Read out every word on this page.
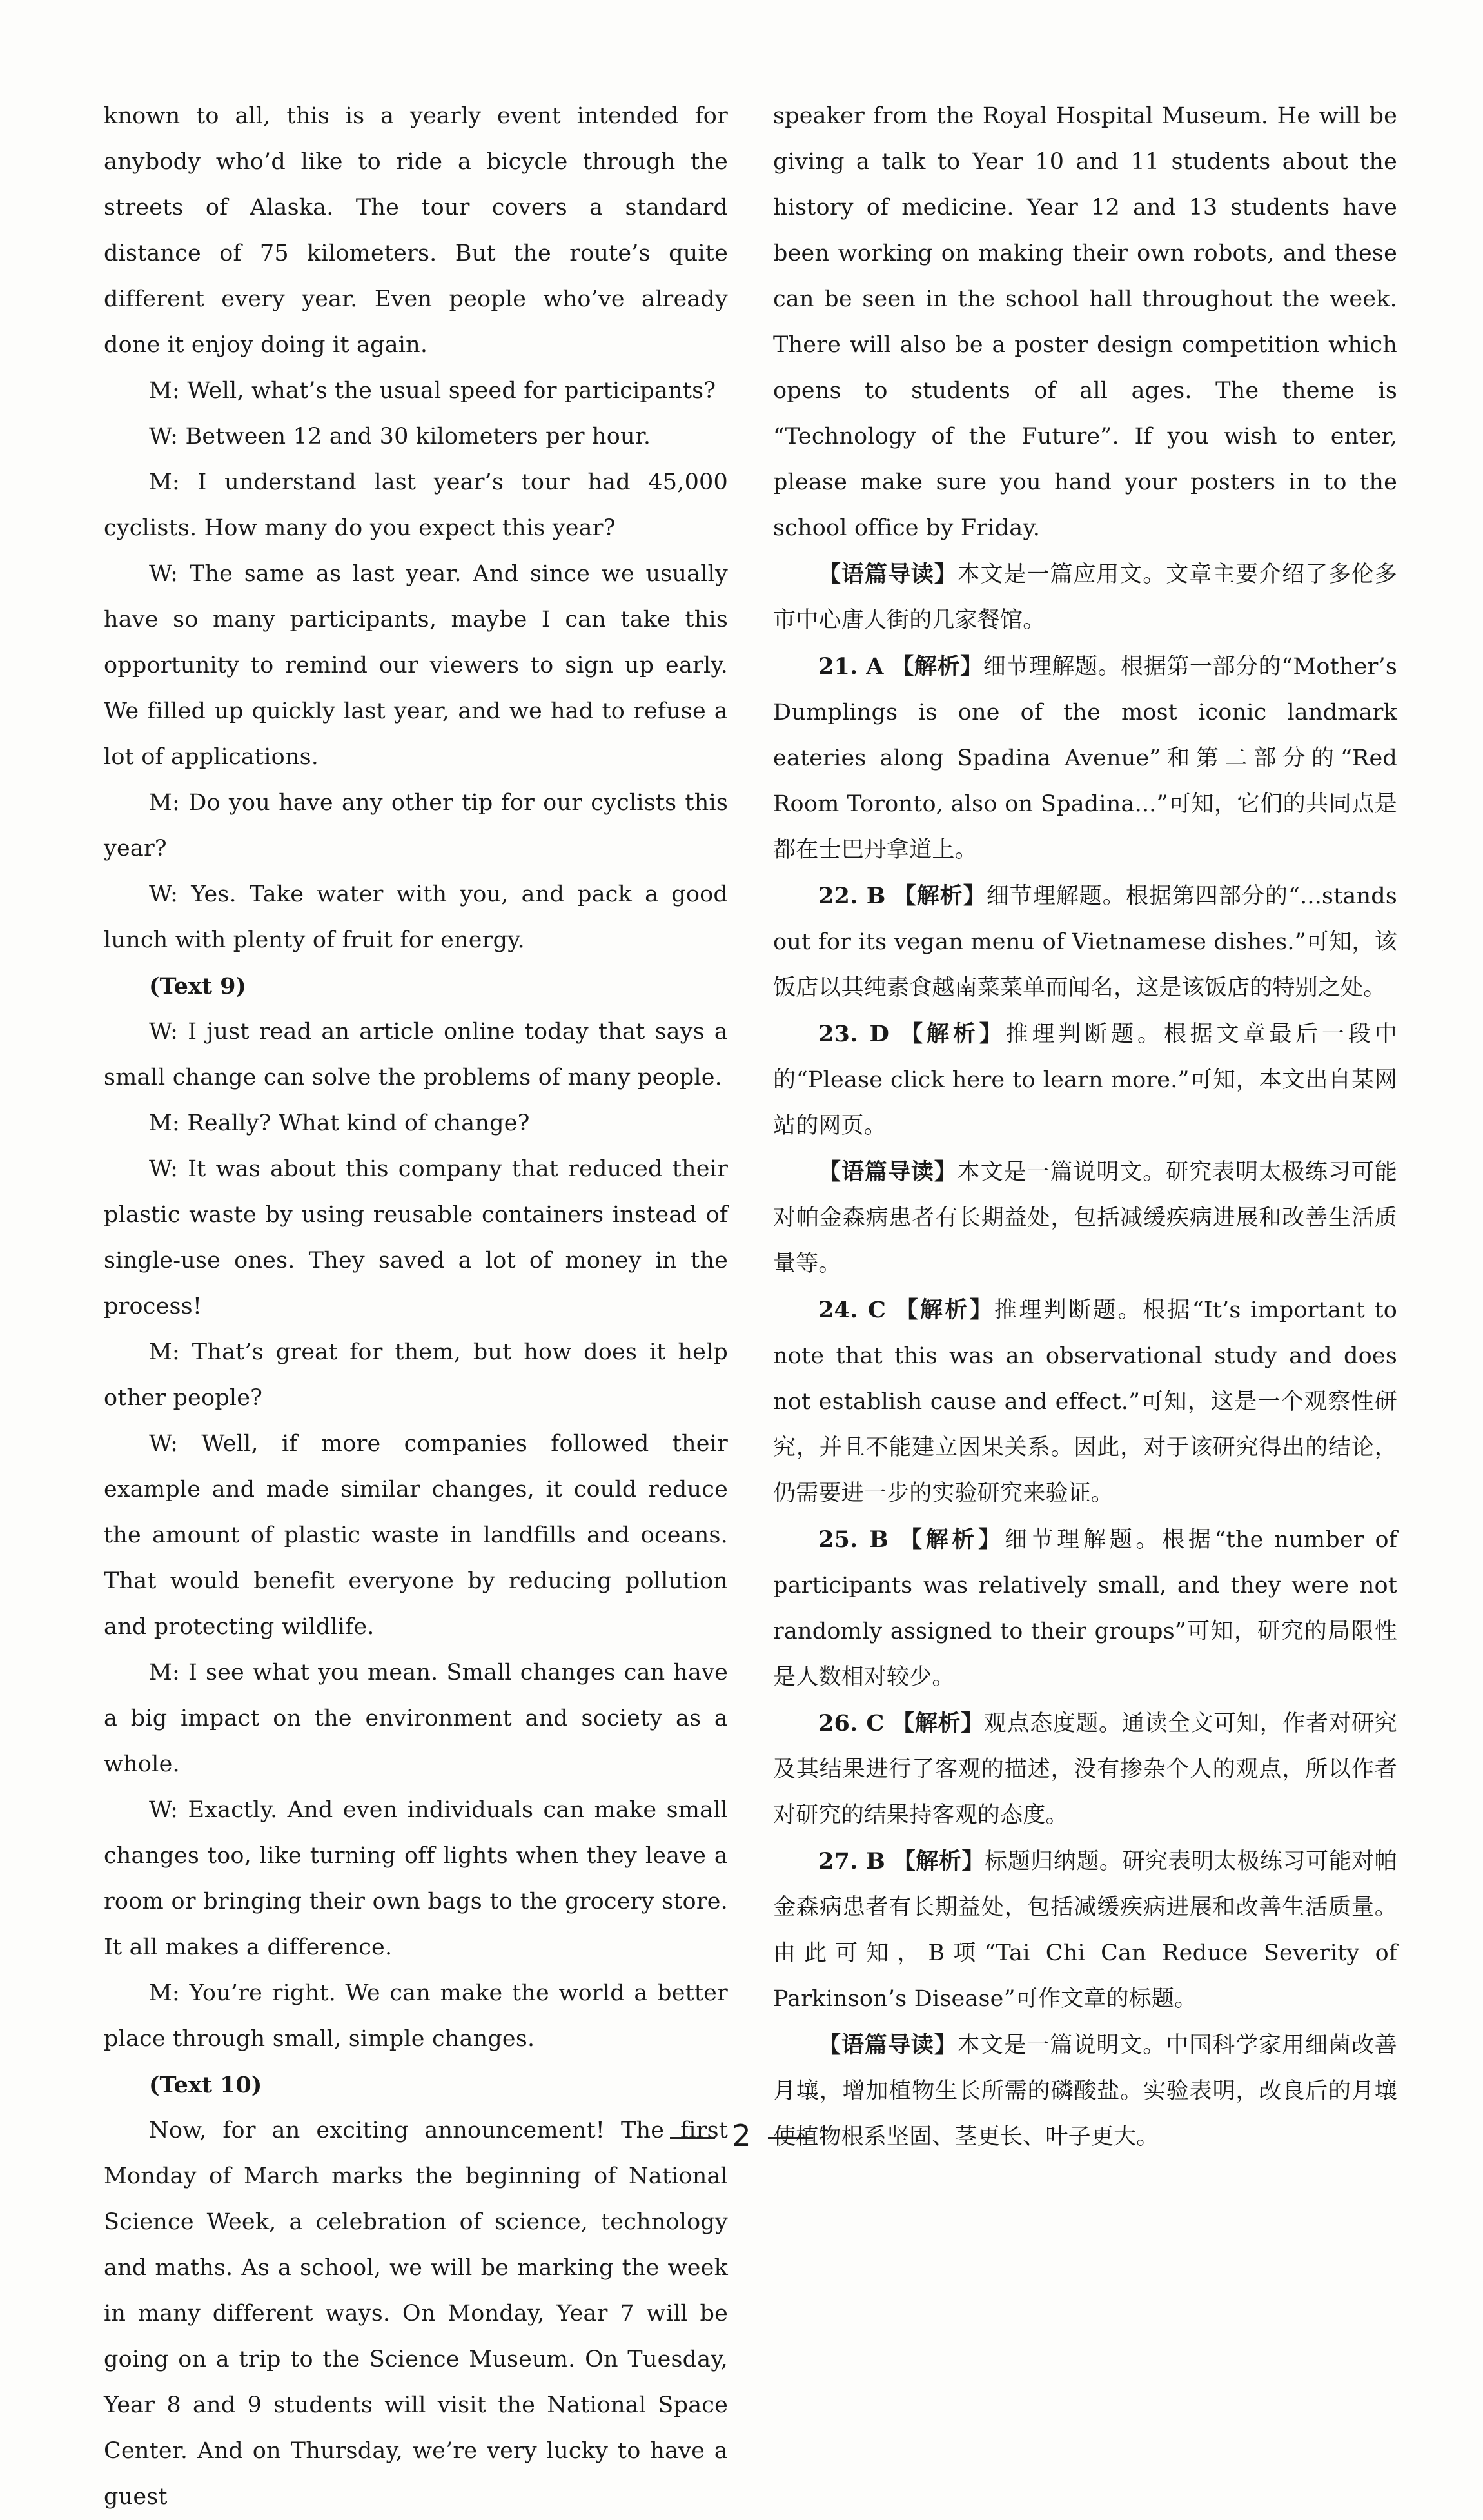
known to all, this is a yearly event intended for anybody who’d like to ride a bicycle through the streets of Alaska. The tour covers a standard distance of 75 kilometers. But the route’s quite different every year. Even people who’ve already done it enjoy doing it again.

M: Well, what’s the usual speed for participants?

W: Between 12 and 30 kilometers per hour.

M: I understand last year’s tour had 45,000 cyclists. How many do you expect this year?

W: The same as last year. And since we usually have so many participants, maybe I can take this opportunity to remind our viewers to sign up early. We filled up quickly last year, and we had to refuse a lot of applications.

M: Do you have any other tip for our cyclists this year?

W: Yes. Take water with you, and pack a good lunch with plenty of fruit for energy.

(Text 9)

W: I just read an article online today that says a small change can solve the problems of many people.

M: Really? What kind of change?

W: It was about this company that reduced their plastic waste by using reusable containers instead of single-use ones. They saved a lot of money in the process!

M: That’s great for them, but how does it help other people?

W: Well, if more companies followed their example and made similar changes, it could reduce the amount of plastic waste in landfills and oceans. That would benefit everyone by reducing pollution and protecting wildlife.

M: I see what you mean. Small changes can have a big impact on the environment and society as a whole.

W: Exactly. And even individuals can make small changes too, like turning off lights when they leave a room or bringing their own bags to the grocery store. It all makes a difference.

M: You’re right. We can make the world a better place through small, simple changes.

(Text 10)

Now, for an exciting announcement! The first Monday of March marks the beginning of National Science Week, a celebration of science, technology and maths. As a school, we will be marking the week in many different ways. On Monday, Year 7 will be going on a trip to the Science Museum. On Tuesday, Year 8 and 9 students will visit the National Space Center. And on Thursday, we’re very lucky to have a guest

speaker from the Royal Hospital Museum. He will be giving a talk to Year 10 and 11 students about the history of medicine. Year 12 and 13 students have been working on making their own robots, and these can be seen in the school hall throughout the week. There will also be a poster design competition which opens to students of all ages. The theme is “Technology of the Future”. If you wish to enter, please make sure you hand your posters in to the school office by Friday.

【语篇导读】本文是一篇应用文。文章主要介绍了多伦多市中心唐人街的几家餐馆。

21. A 【解析】细节理解题。根据第一部分的“Mother’s Dumplings is one of the most iconic landmark eateries along Spadina Avenue”和第二部分的“Red Room Toronto, also on Spadina...”可知，它们的共同点是都在士巴丹拿道上。

22. B 【解析】细节理解题。根据第四部分的“...stands out for its vegan menu of Vietnamese dishes.”可知，该饭店以其纯素食越南菜菜单而闻名，这是该饭店的特别之处。

23. D 【解析】推理判断题。根据文章最后一段中的“Please click here to learn more.”可知，本文出自某网站的网页。

【语篇导读】本文是一篇说明文。研究表明太极练习可能对帕金森病患者有长期益处，包括减缓疾病进展和改善生活质量等。

24. C 【解析】推理判断题。根据“It’s important to note that this was an observational study and does not establish cause and effect.”可知，这是一个观察性研究，并且不能建立因果关系。因此，对于该研究得出的结论，仍需要进一步的实验研究来验证。

25. B 【解析】细节理解题。根据“the number of participants was relatively small, and they were not randomly assigned to their groups”可知，研究的局限性是人数相对较少。

26. C 【解析】观点态度题。通读全文可知，作者对研究及其结果进行了客观的描述，没有掺杂个人的观点，所以作者对研究的结果持客观的态度。

27. B 【解析】标题归纳题。研究表明太极练习可能对帕金森病患者有长期益处，包括减缓疾病进展和改善生活质量。由此可知，B项“Tai Chi Can Reduce Severity of Parkinson’s Disease”可作文章的标题。

【语篇导读】本文是一篇说明文。中国科学家用细菌改善月壤，增加植物生长所需的磷酸盐。实验表明，改良后的月壤使植物根系坚固、茎更长、叶子更大。

2
